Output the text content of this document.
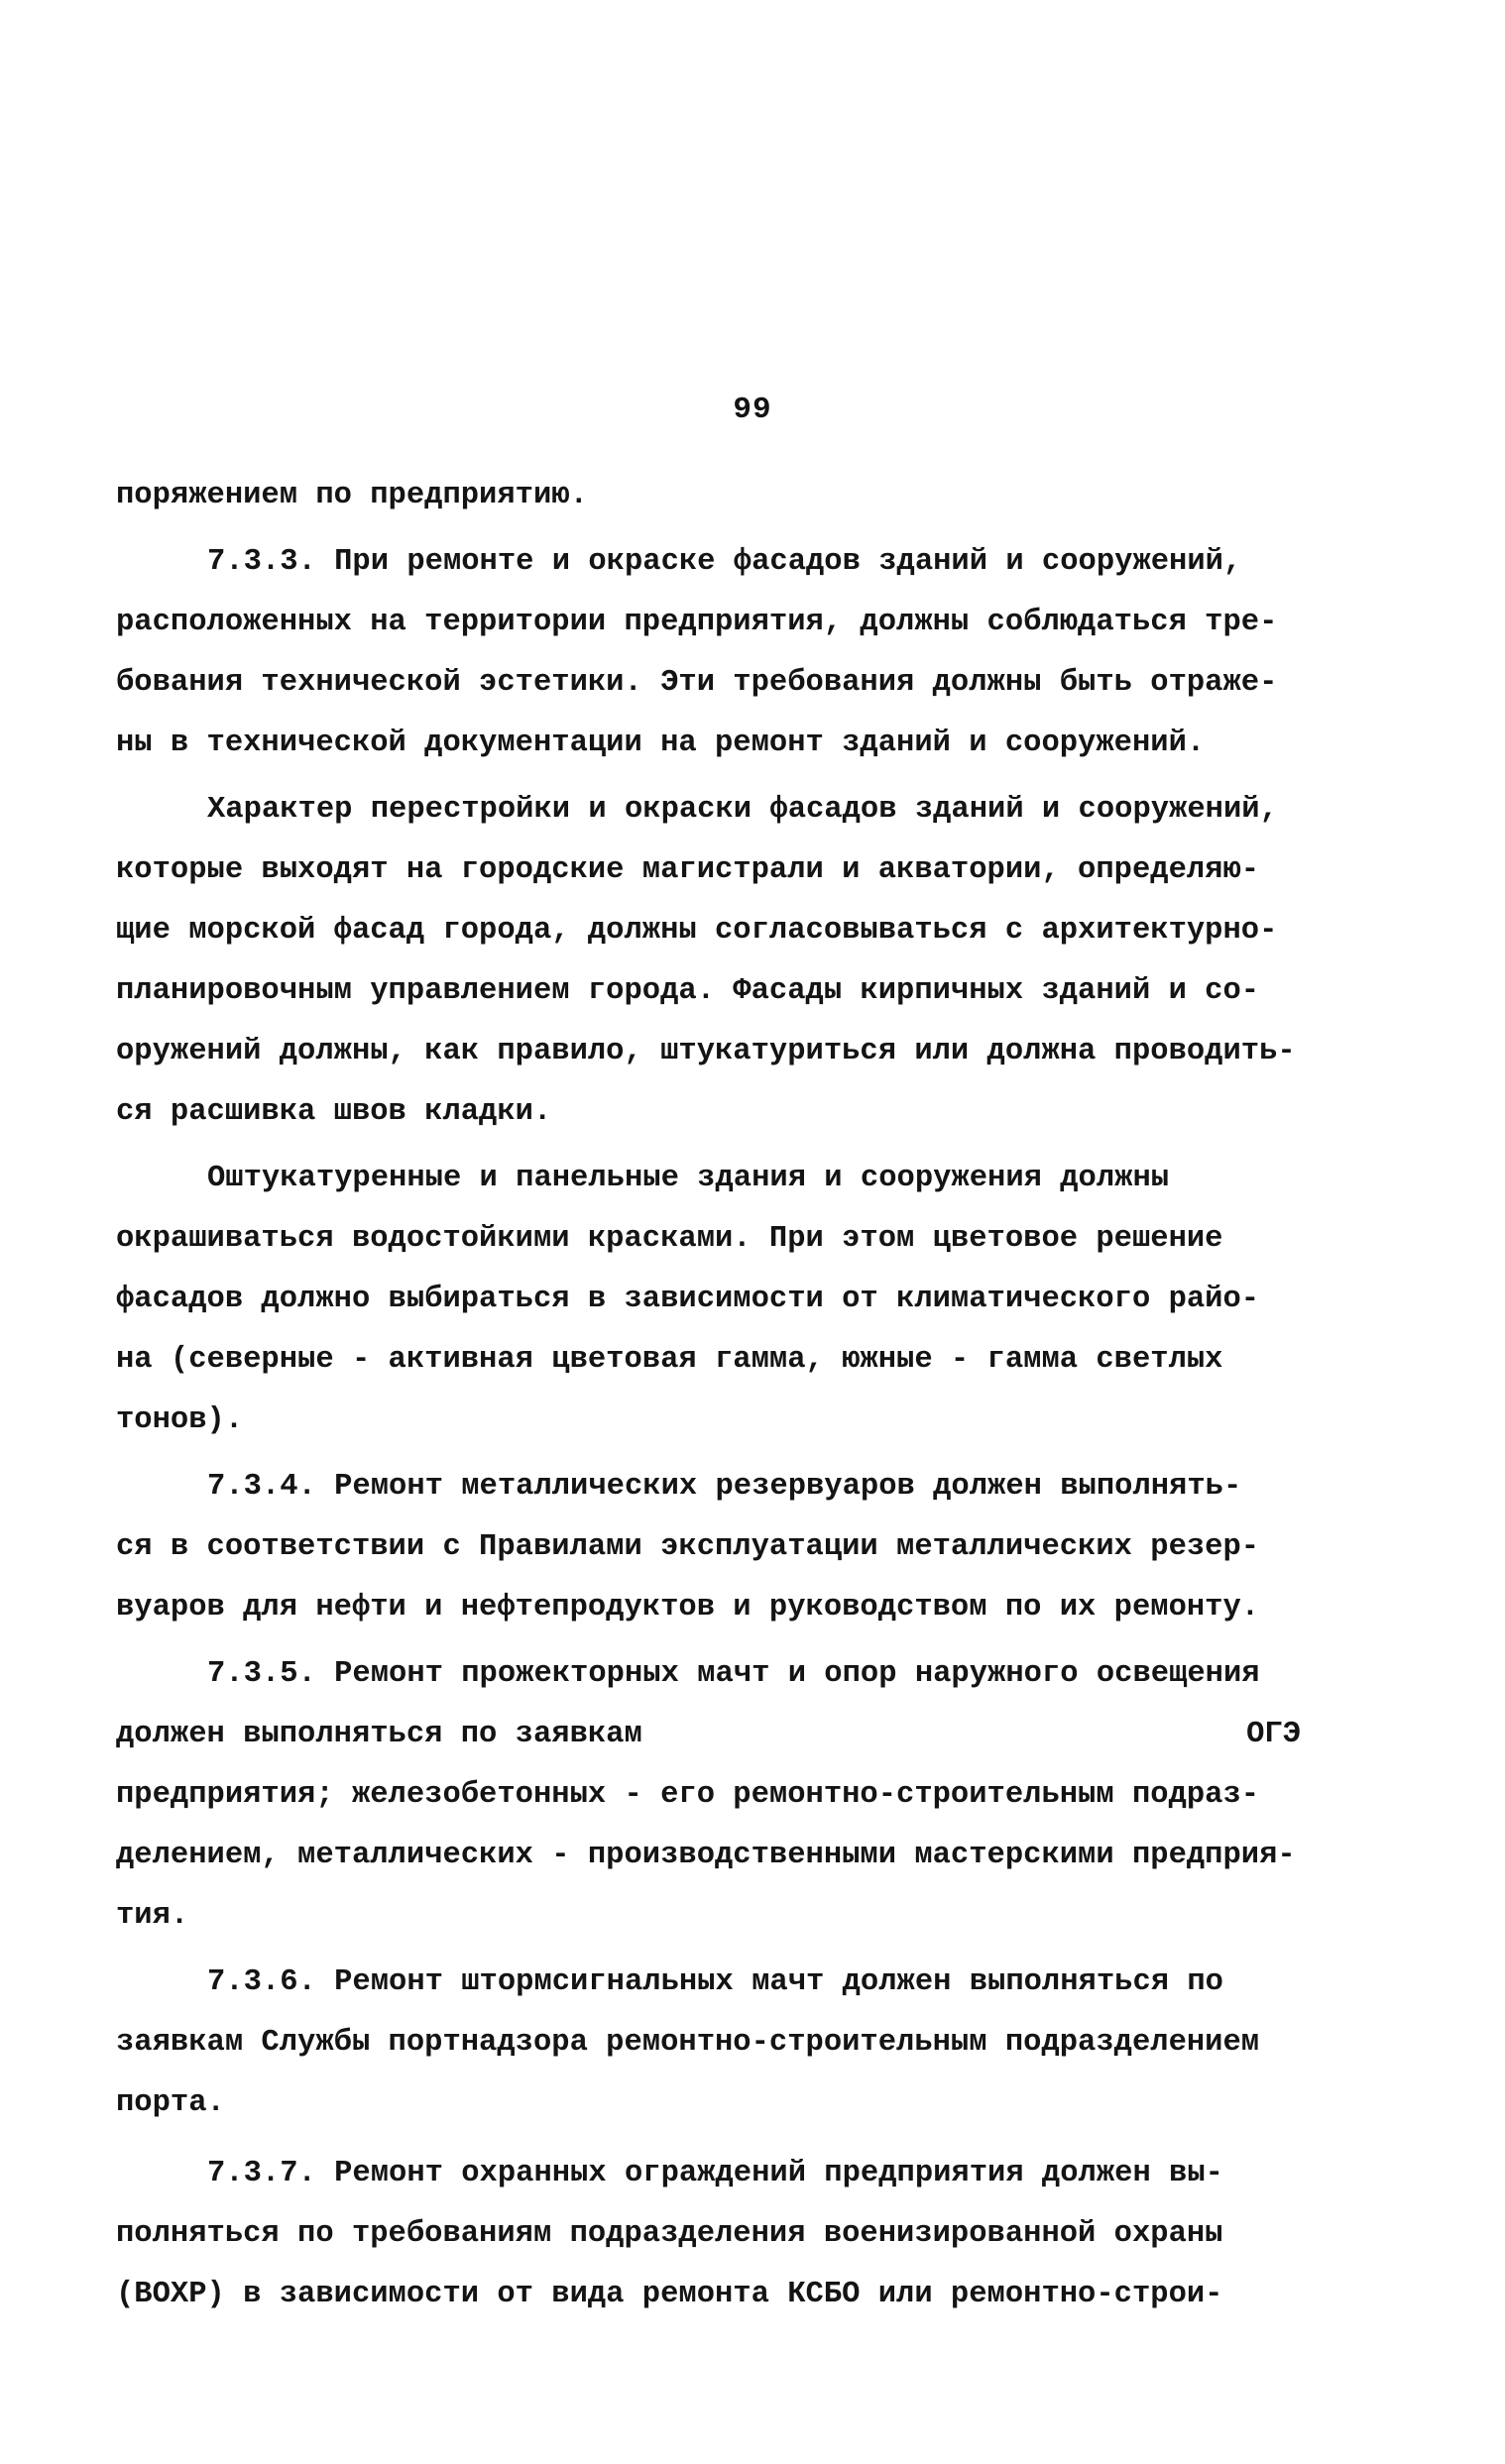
99
поряжением по предприятию.
7.3.3. При ремонте и окраске фасадов зданий и сооружений,
расположенных на территории предприятия, должны соблюдаться тре-
бования технической эстетики. Эти требования должны быть отраже-
ны в технической документации на ремонт зданий и сооружений.
Характер перестройки и окраски фасадов зданий и сооружений,
которые выходят на городские магистрали и акватории, определяю-
щие морской фасад города, должны согласовываться с архитектурно-
планировочным управлением города. Фасады кирпичных зданий и со-
оружений должны, как правило, штукатуриться или должна проводить-
ся расшивка швов кладки.
Оштукатуренные и панельные здания и сооружения должны
окрашиваться водостойкими красками. При этом цветовое решение
фасадов должно выбираться в зависимости от климатического райо-
на (северные - активная цветовая гамма, южные - гамма светлых
тонов).
7.3.4. Ремонт металлических резервуаров должен выполнять-
ся в соответствии с Правилами эксплуатации металлических резер-
вуаров для нефти и нефтепродуктов и руководством по их ремонту.
7.3.5. Ремонт прожекторных мачт и опор наружного освещения
должен выполняться по заявкам	ОГЭ
предприятия; железобетонных - его ремонтно-строительным подраз-
делением, металлических - производственными мастерскими предприя-
тия.
7.3.6. Ремонт штормсигнальных мачт должен выполняться по
заявкам Службы портнадзора ремонтно-строительным подразделением
порта.
7.3.7. Ремонт охранных ограждений предприятия должен вы-
полняться по требованиям подразделения военизированной охраны
(ВОХР) в зависимости от вида ремонта КСБО или ремонтно-строи-
